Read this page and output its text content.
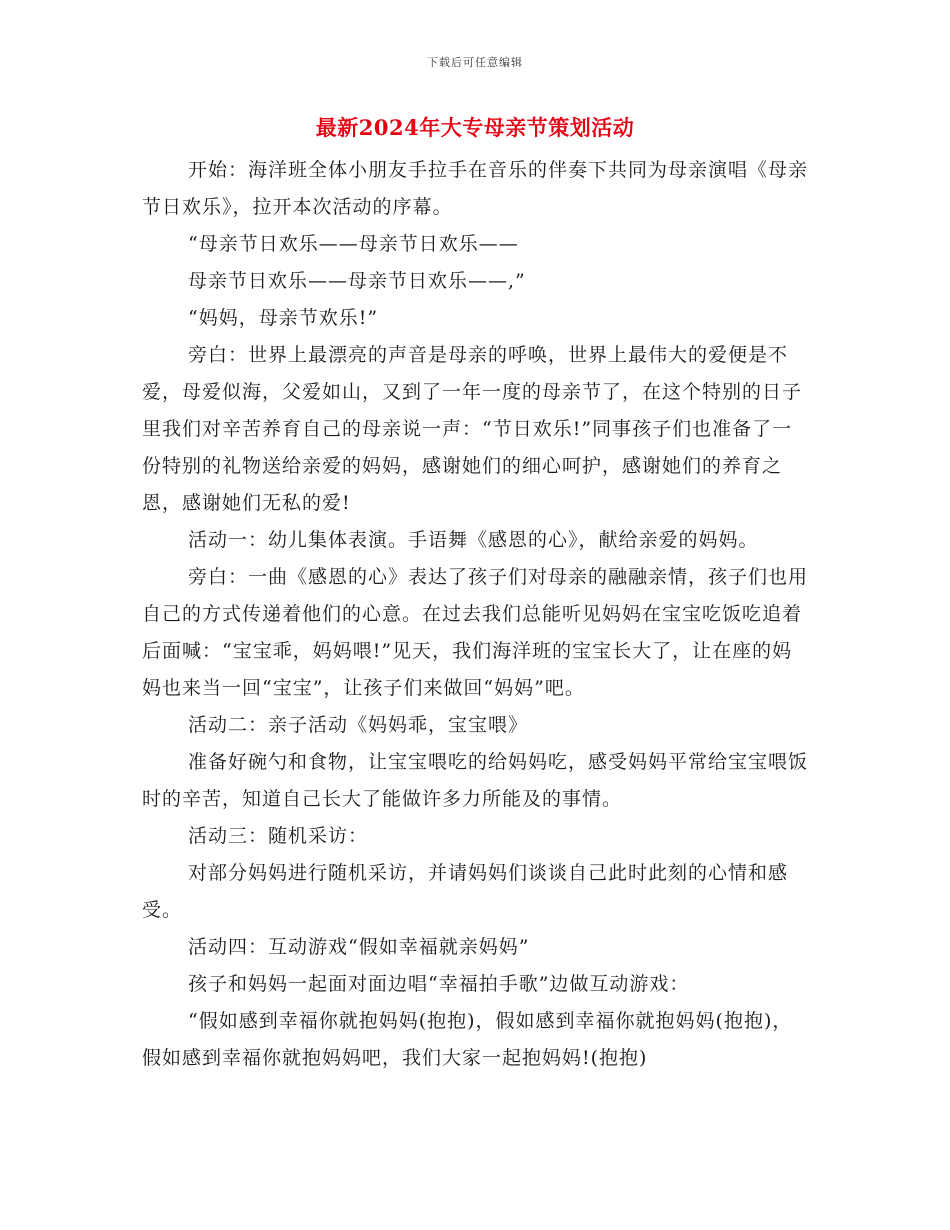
下载后可任意编辑
最新2024年大专母亲节策划活动

开始：海洋班全体小朋友手拉手在音乐的伴奏下共同为母亲演唱《母亲节日欢乐》，拉开本次活动的序幕。

“母亲节日欢乐——母亲节日欢乐——

母亲节日欢乐——母亲节日欢乐——,”

“妈妈，母亲节欢乐!”

旁白：世界上最漂亮的声音是母亲的呼唤，世界上最伟大的爱便是不爱，母爱似海，父爱如山，又到了一年一度的母亲节了，在这个特别的日子里我们对辛苦养育自己的母亲说一声：“节日欢乐!”同事孩子们也准备了一份特别的礼物送给亲爱的妈妈，感谢她们的细心呵护，感谢她们的养育之恩，感谢她们无私的爱!

活动一：幼儿集体表演。手语舞《感恩的心》，献给亲爱的妈妈。

旁白：一曲《感恩的心》表达了孩子们对母亲的融融亲情，孩子们也用自己的方式传递着他们的心意。在过去我们总能听见妈妈在宝宝吃饭吃追着后面喊：“宝宝乖，妈妈喂!”见天，我们海洋班的宝宝长大了，让在座的妈妈也来当一回“宝宝”，让孩子们来做回“妈妈”吧。

活动二：亲子活动《妈妈乖，宝宝喂》

准备好碗勺和食物，让宝宝喂吃的给妈妈吃，感受妈妈平常给宝宝喂饭时的辛苦，知道自己长大了能做许多力所能及的事情。

活动三：随机采访：

对部分妈妈进行随机采访，并请妈妈们谈谈自己此时此刻的心情和感受。

活动四：互动游戏“假如幸福就亲妈妈”

孩子和妈妈一起面对面边唱“幸福拍手歌”边做互动游戏：

“假如感到幸福你就抱妈妈(抱抱)，假如感到幸福你就抱妈妈(抱抱)，假如感到幸福你就抱妈妈吧，我们大家一起抱妈妈!(抱抱)
